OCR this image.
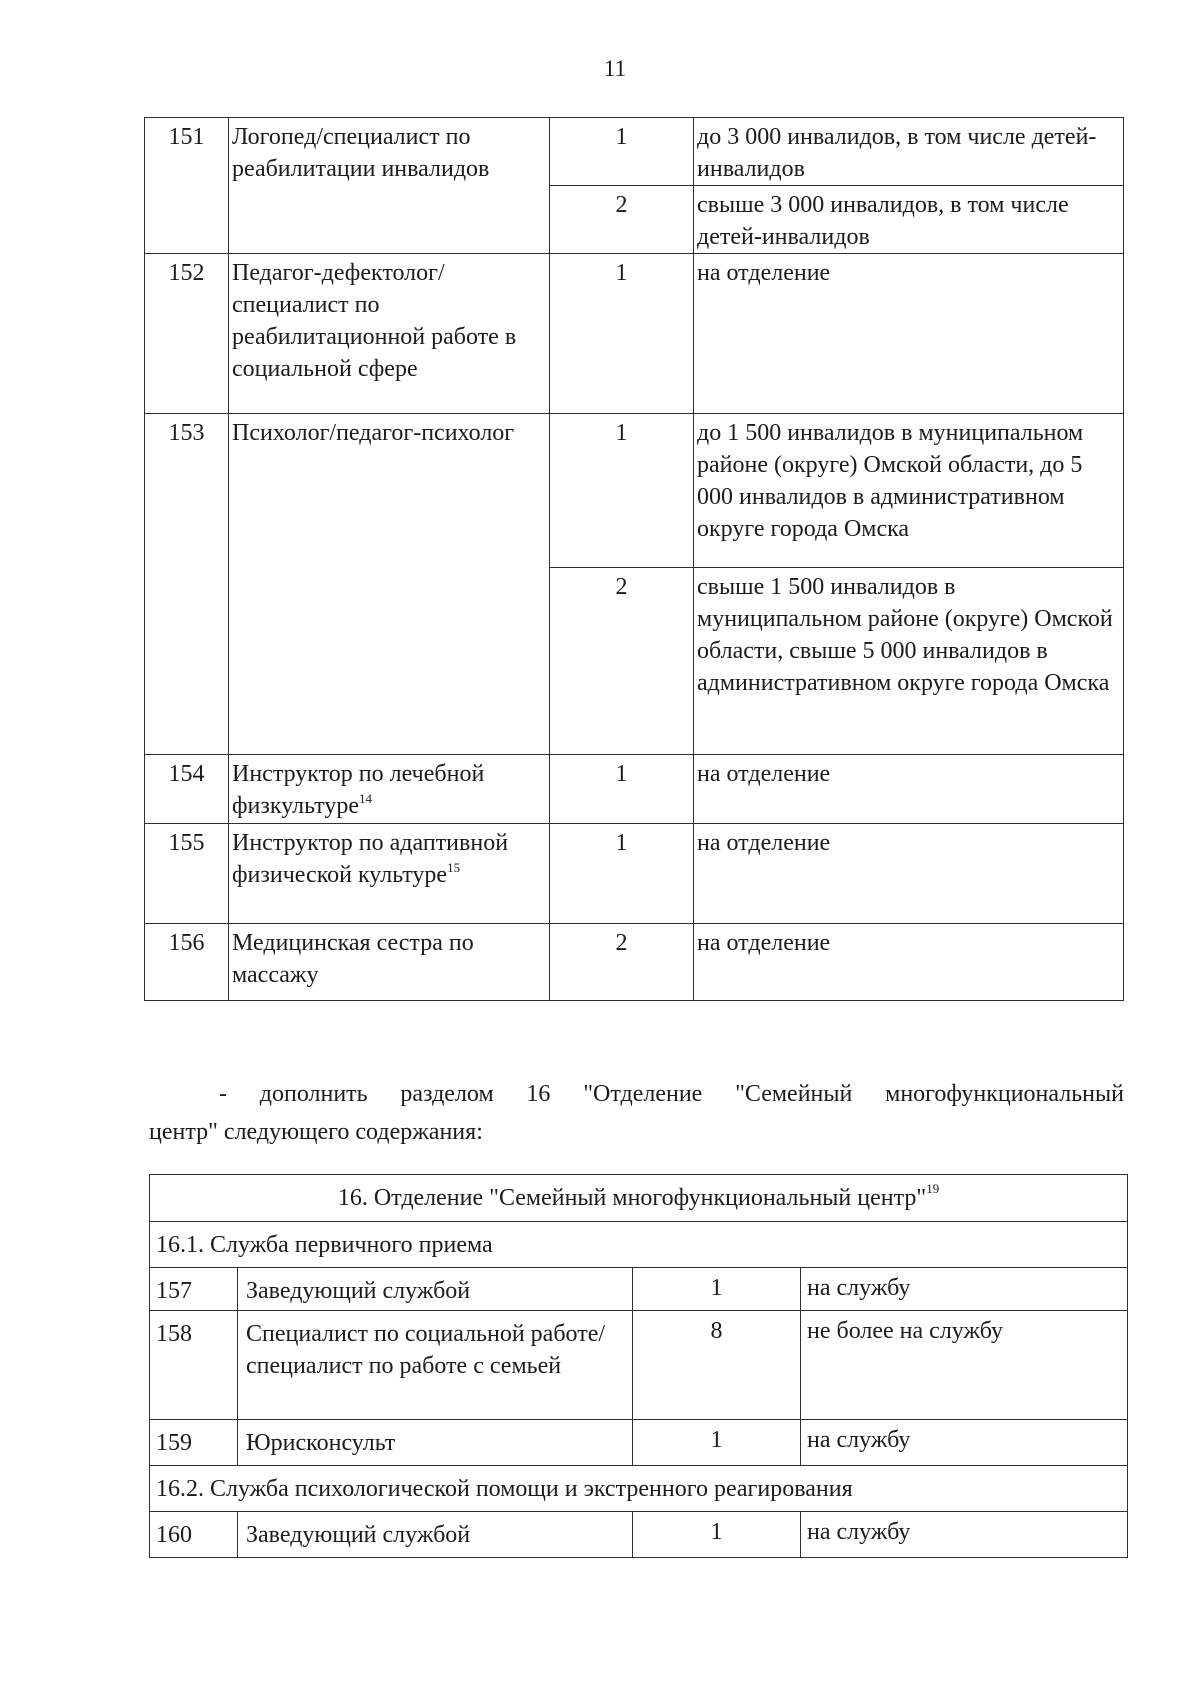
11
151	Логопед/специалист по реабилитации инвалидов	1	до 3 000 инвалидов, в том числе детей-инвалидов
		2	свыше 3 000 инвалидов, в том числе детей-инвалидов
152	Педагог-дефектолог/ специалист по реабилитационной работе в социальной сфере	1	на отделение
153	Психолог/педагог-психолог	1	до 1 500 инвалидов в муниципальном районе (округе) Омской области, до 5 000 инвалидов в административном округе города Омска
		2	свыше 1 500 инвалидов в муниципальном районе (округе) Омской области, свыше 5 000 инвалидов в административном округе города Омска
154	Инструктор по лечебной физкультуре$^{14}$	1	на отделение
155	Инструктор по адаптивной физической культуре$^{15}$	1	на отделение
156	Медицинская сестра по массажу	2	на отделение
- дополнить разделом 16 "Отделение "Семейный многофункциональный
центр" следующего содержания:
16. Отделение "Семейный многофункциональный центр"$^{19}$
16.1. Служба первичного приема			
157	Заведующий службой	1	на службу
158	Специалист по социальной работе/специалист по работе с семьей	8	не более на службу
159	Юрисконсульт	1	на службу
16.2. Служба психологической помощи и экстренного реагирования			
160	Заведующий службой	1	на службу
